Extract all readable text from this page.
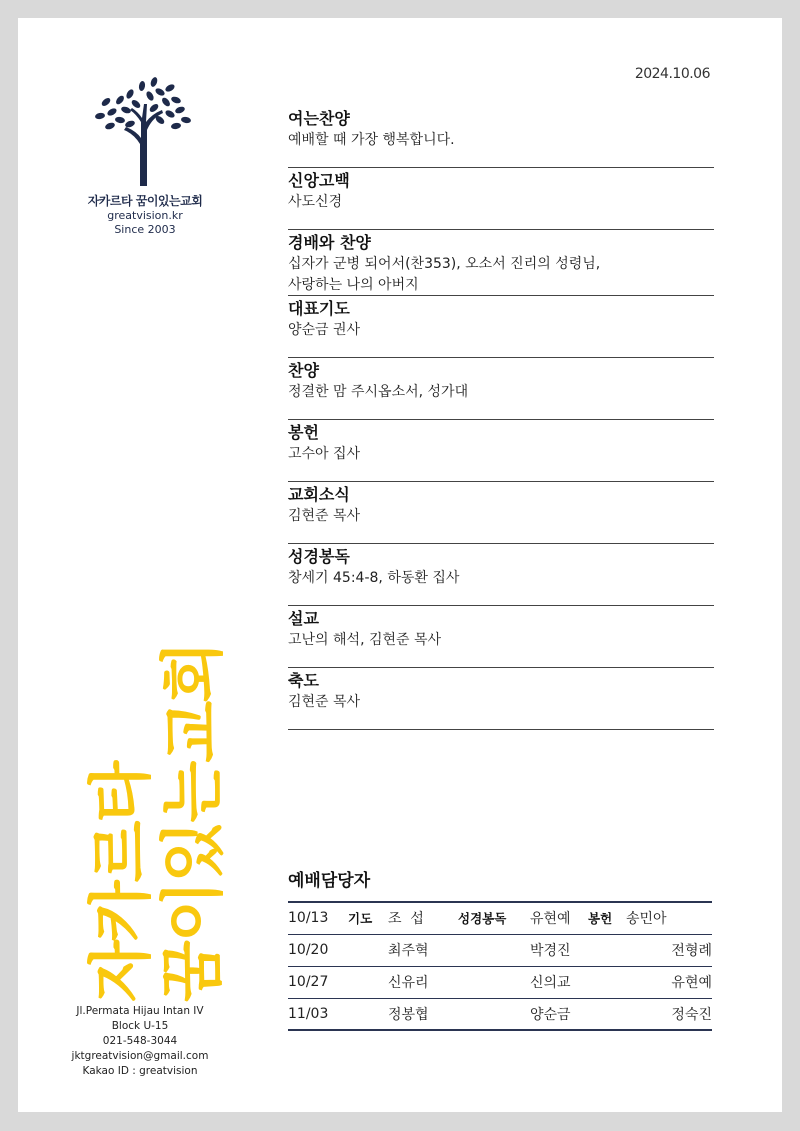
2024.10.06
자카르타 꿈이있는교회
greatvision.kr
Since 2003
자카르타
꿈이있는교회
Jl.Permata Hijau Intan IV
Block U-15
021-548-3044
jktgreatvision@gmail.com
Kakao ID : greatvision
여는찬양
예배할 때 가장 행복합니다.
신앙고백
사도신경
경배와 찬양
십자가 군병 되어서(찬353), 오소서 진리의 성령님,
사랑하는 나의 아버지
대표기도
양순금 권사
찬양
정결한 맘 주시옵소서, 성가대
봉헌
고수아 집사
교회소식
김현준 목사
성경봉독
창세기 45:4-8, 하동환 집사
설교
고난의 해석, 김현준 목사
축도
김현준 목사
예배담당자
10/13	기도	조  섭	성경봉독	유현예	봉헌	송민아
10/20		최주혁		박경진		전형례
10/27		신유리		신의교		유현예
11/03		정봉협		양순금		정숙진
